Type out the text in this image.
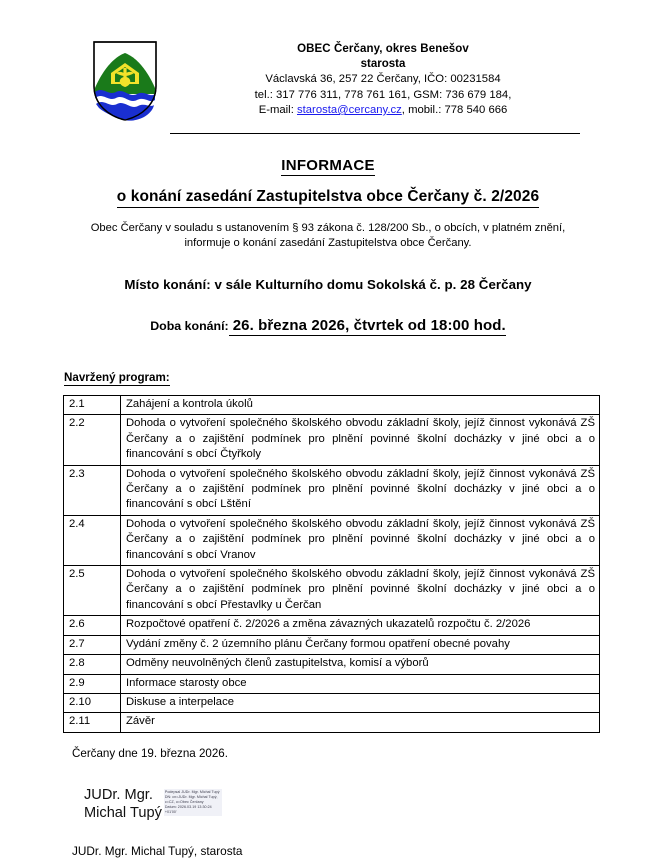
OBEC Čerčany, okres Benešov
starosta
Václavská 36, 257 22 Čerčany, IČO: 00231584
tel.: 317 776 311, 778 761 161, GSM: 736 679 184,
E-mail: starosta@cercany.cz, mobil.: 778 540 666
INFORMACE
o konání zasedání Zastupitelstva obce Čerčany č. 2/2026
Obec Čerčany v souladu s ustanovením § 93 zákona č. 128/200 Sb., o obcích, v platném znění, informuje o konání zasedání Zastupitelstva obce Čerčany.
Místo konání: v sále Kulturního domu Sokolská č. p. 28 Čerčany
Doba konání: 26. března 2026, čtvrtek od 18:00 hod.
Navržený program:
2.1	Zahájení a kontrola úkolů
2.2	Dohoda o vytvoření společného školského obvodu základní školy, jejíž činnost vykonává ZŠ Čerčany a o zajištění podmínek pro plnění povinné školní docházky v jiné obci a o financování s obcí Čtyřkoly
2.3	Dohoda o vytvoření společného školského obvodu základní školy, jejíž činnost vykonává ZŠ Čerčany a o zajištění podmínek pro plnění povinné školní docházky v jiné obci a o financování s obcí Lštění
2.4	Dohoda o vytvoření společného školského obvodu základní školy, jejíž činnost vykonává ZŠ Čerčany a o zajištění podmínek pro plnění povinné školní docházky v jiné obci a o financování s obcí Vranov
2.5	Dohoda o vytvoření společného školského obvodu základní školy, jejíž činnost vykonává ZŠ Čerčany a o zajištění podmínek pro plnění povinné školní docházky v jiné obci a o financování s obcí Přestavlky u Čerčan
2.6	Rozpočtové opatření č. 2/2026 a změna závazných ukazatelů rozpočtu č. 2/2026
2.7	Vydání změny č. 2 územního plánu Čerčany formou opatření obecné povahy
2.8	Odměny neuvolněných členů zastupitelstva, komisí a výborů
2.9	Informace starosty obce
2.10	Diskuse a interpelace
2.11	Závěr
Čerčany dne 19. března 2026.
JUDr. Mgr.
Michal Tupý
Podepsal JUDr. Mgr. Michal Tupý
DN: cn=JUDr. Mgr. Michal Tupý,
c=CZ, o=Obec Čerčany
Datum: 2026.03.19 13:30:24
+01'00'
JUDr. Mgr. Michal Tupý, starosta
